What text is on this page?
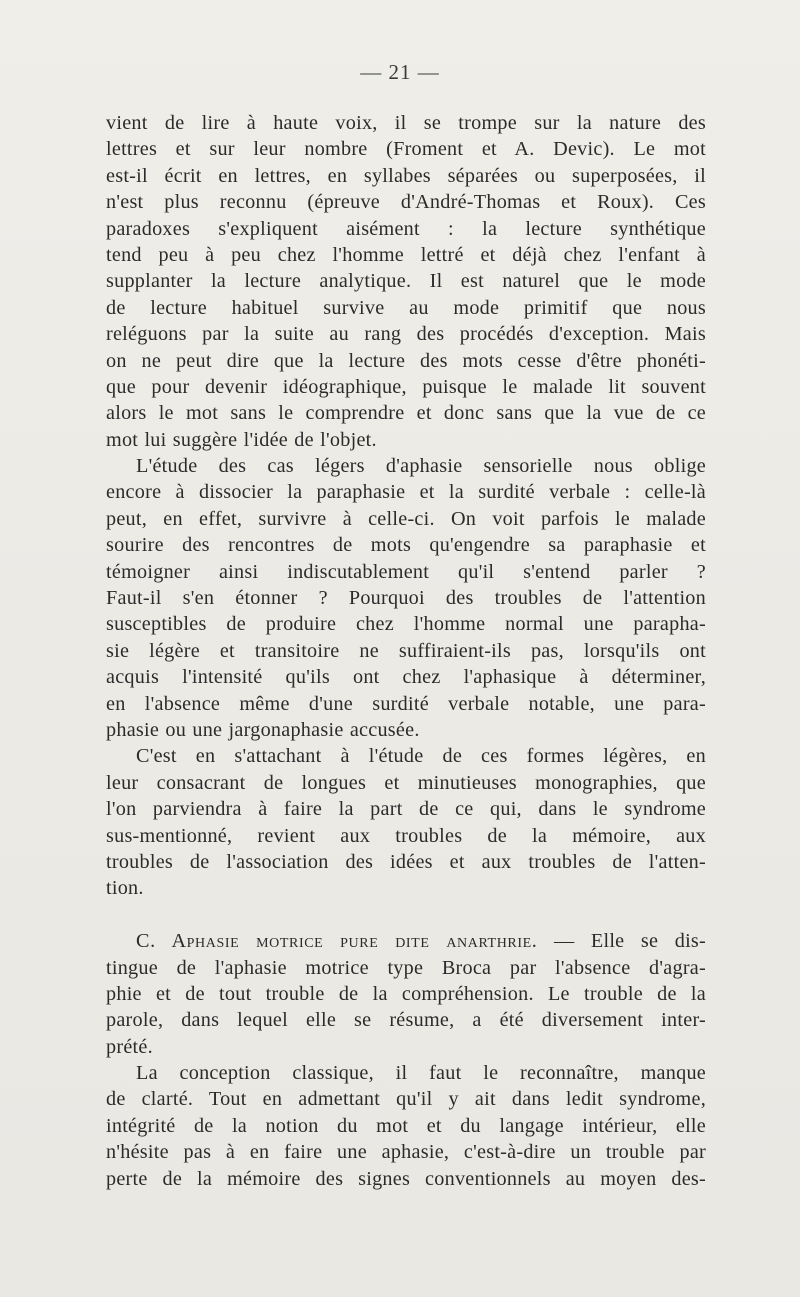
— 21 —
vient de lire à haute voix, il se trompe sur la nature des
lettres et sur leur nombre (Froment et A. Devic). Le mot
est-il écrit en lettres, en syllabes séparées ou superposées, il
n'est plus reconnu (épreuve d'André-Thomas et Roux). Ces
paradoxes s'expliquent aisément : la lecture synthétique
tend peu à peu chez l'homme lettré et déjà chez l'enfant à
supplanter la lecture analytique. Il est naturel que le mode
de lecture habituel survive au mode primitif que nous
reléguons par la suite au rang des procédés d'exception. Mais
on ne peut dire que la lecture des mots cesse d'être phonéti-
que pour devenir idéographique, puisque le malade lit souvent
alors le mot sans le comprendre et donc sans que la vue de ce
mot lui suggère l'idée de l'objet.
L'étude des cas légers d'aphasie sensorielle nous oblige
encore à dissocier la paraphasie et la surdité verbale : celle-là
peut, en effet, survivre à celle-ci. On voit parfois le malade
sourire des rencontres de mots qu'engendre sa paraphasie et
témoigner ainsi indiscutablement qu'il s'entend parler ?
Faut-il s'en étonner ? Pourquoi des troubles de l'attention
susceptibles de produire chez l'homme normal une parapha-
sie légère et transitoire ne suffiraient-ils pas, lorsqu'ils ont
acquis l'intensité qu'ils ont chez l'aphasique à déterminer,
en l'absence même d'une surdité verbale notable, une para-
phasie ou une jargonaphasie accusée.
C'est en s'attachant à l'étude de ces formes légères, en
leur consacrant de longues et minutieuses monographies, que
l'on parviendra à faire la part de ce qui, dans le syndrome
sus-mentionné, revient aux troubles de la mémoire, aux
troubles de l'association des idées et aux troubles de l'atten-
tion.
C. Aphasie motrice pure dite anarthrie. — Elle se dis-
tingue de l'aphasie motrice type Broca par l'absence d'agra-
phie et de tout trouble de la compréhension. Le trouble de la
parole, dans lequel elle se résume, a été diversement inter-
prété.
La conception classique, il faut le reconnaître, manque
de clarté. Tout en admettant qu'il y ait dans ledit syndrome,
intégrité de la notion du mot et du langage intérieur, elle
n'hésite pas à en faire une aphasie, c'est-à-dire un trouble par
perte de la mémoire des signes conventionnels au moyen des-
